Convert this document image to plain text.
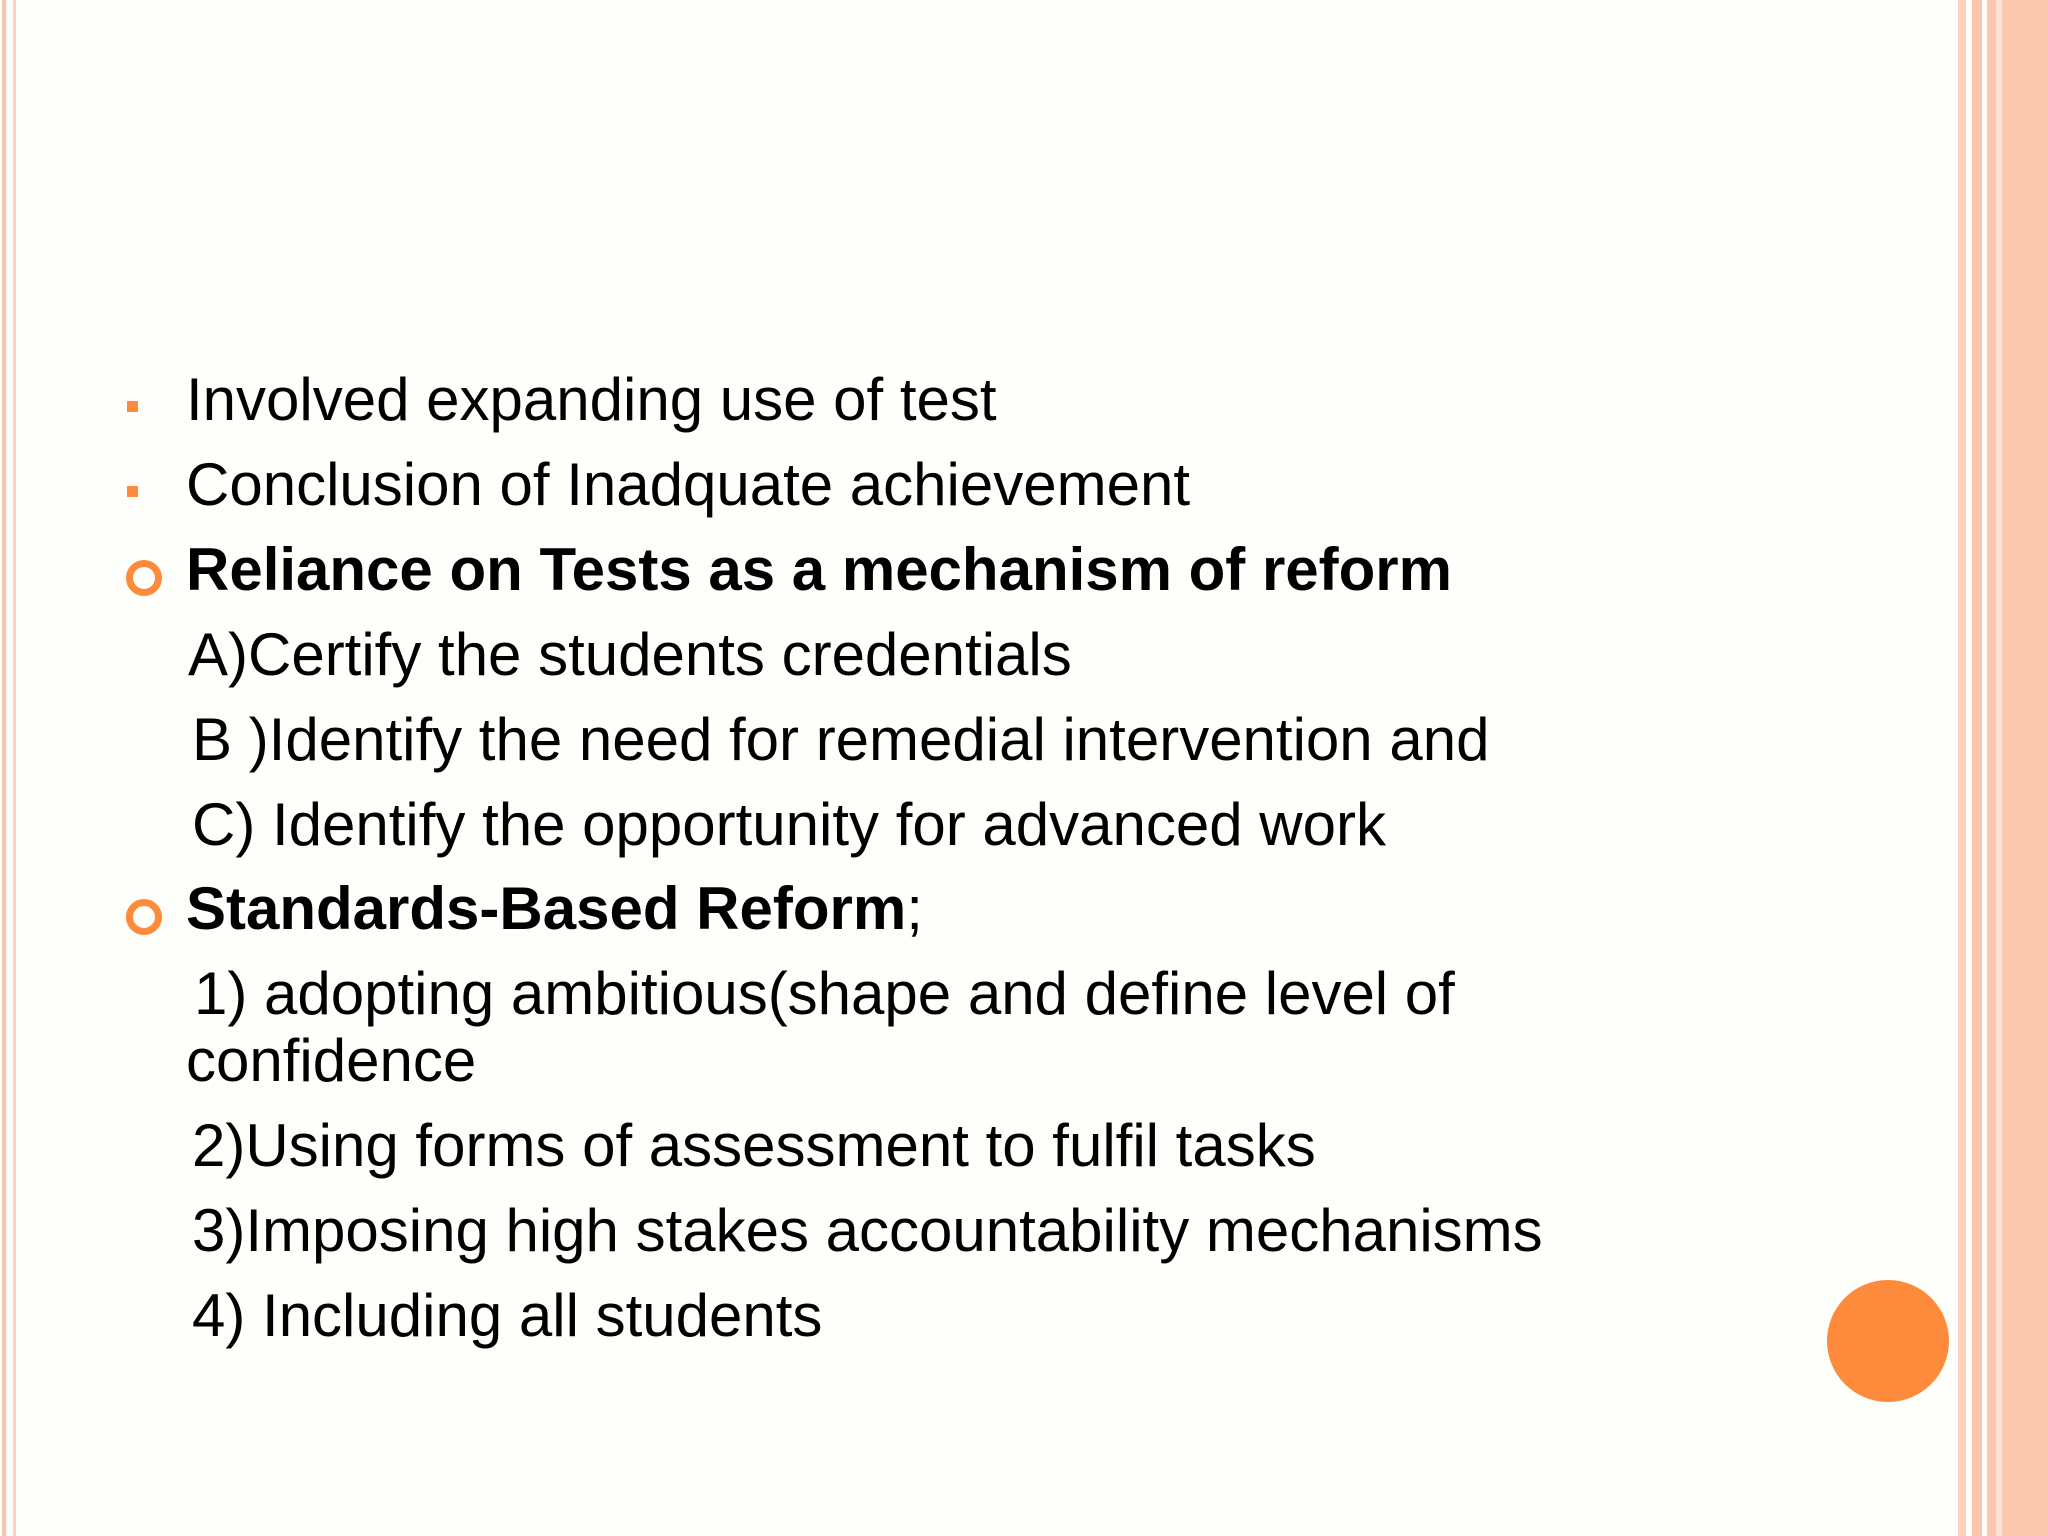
Involved expanding use of test
Conclusion of Inadquate achievement
Reliance on Tests as a mechanism of reform
A)Certify the students credentials
B )Identify the need for remedial intervention and
C) Identify the opportunity for advanced work
Standards-Based Reform;
1) adopting ambitious(shape and define level of
confidence
2)Using forms of assessment to fulfil tasks
3)Imposing high stakes accountability mechanisms
4) Including all students
